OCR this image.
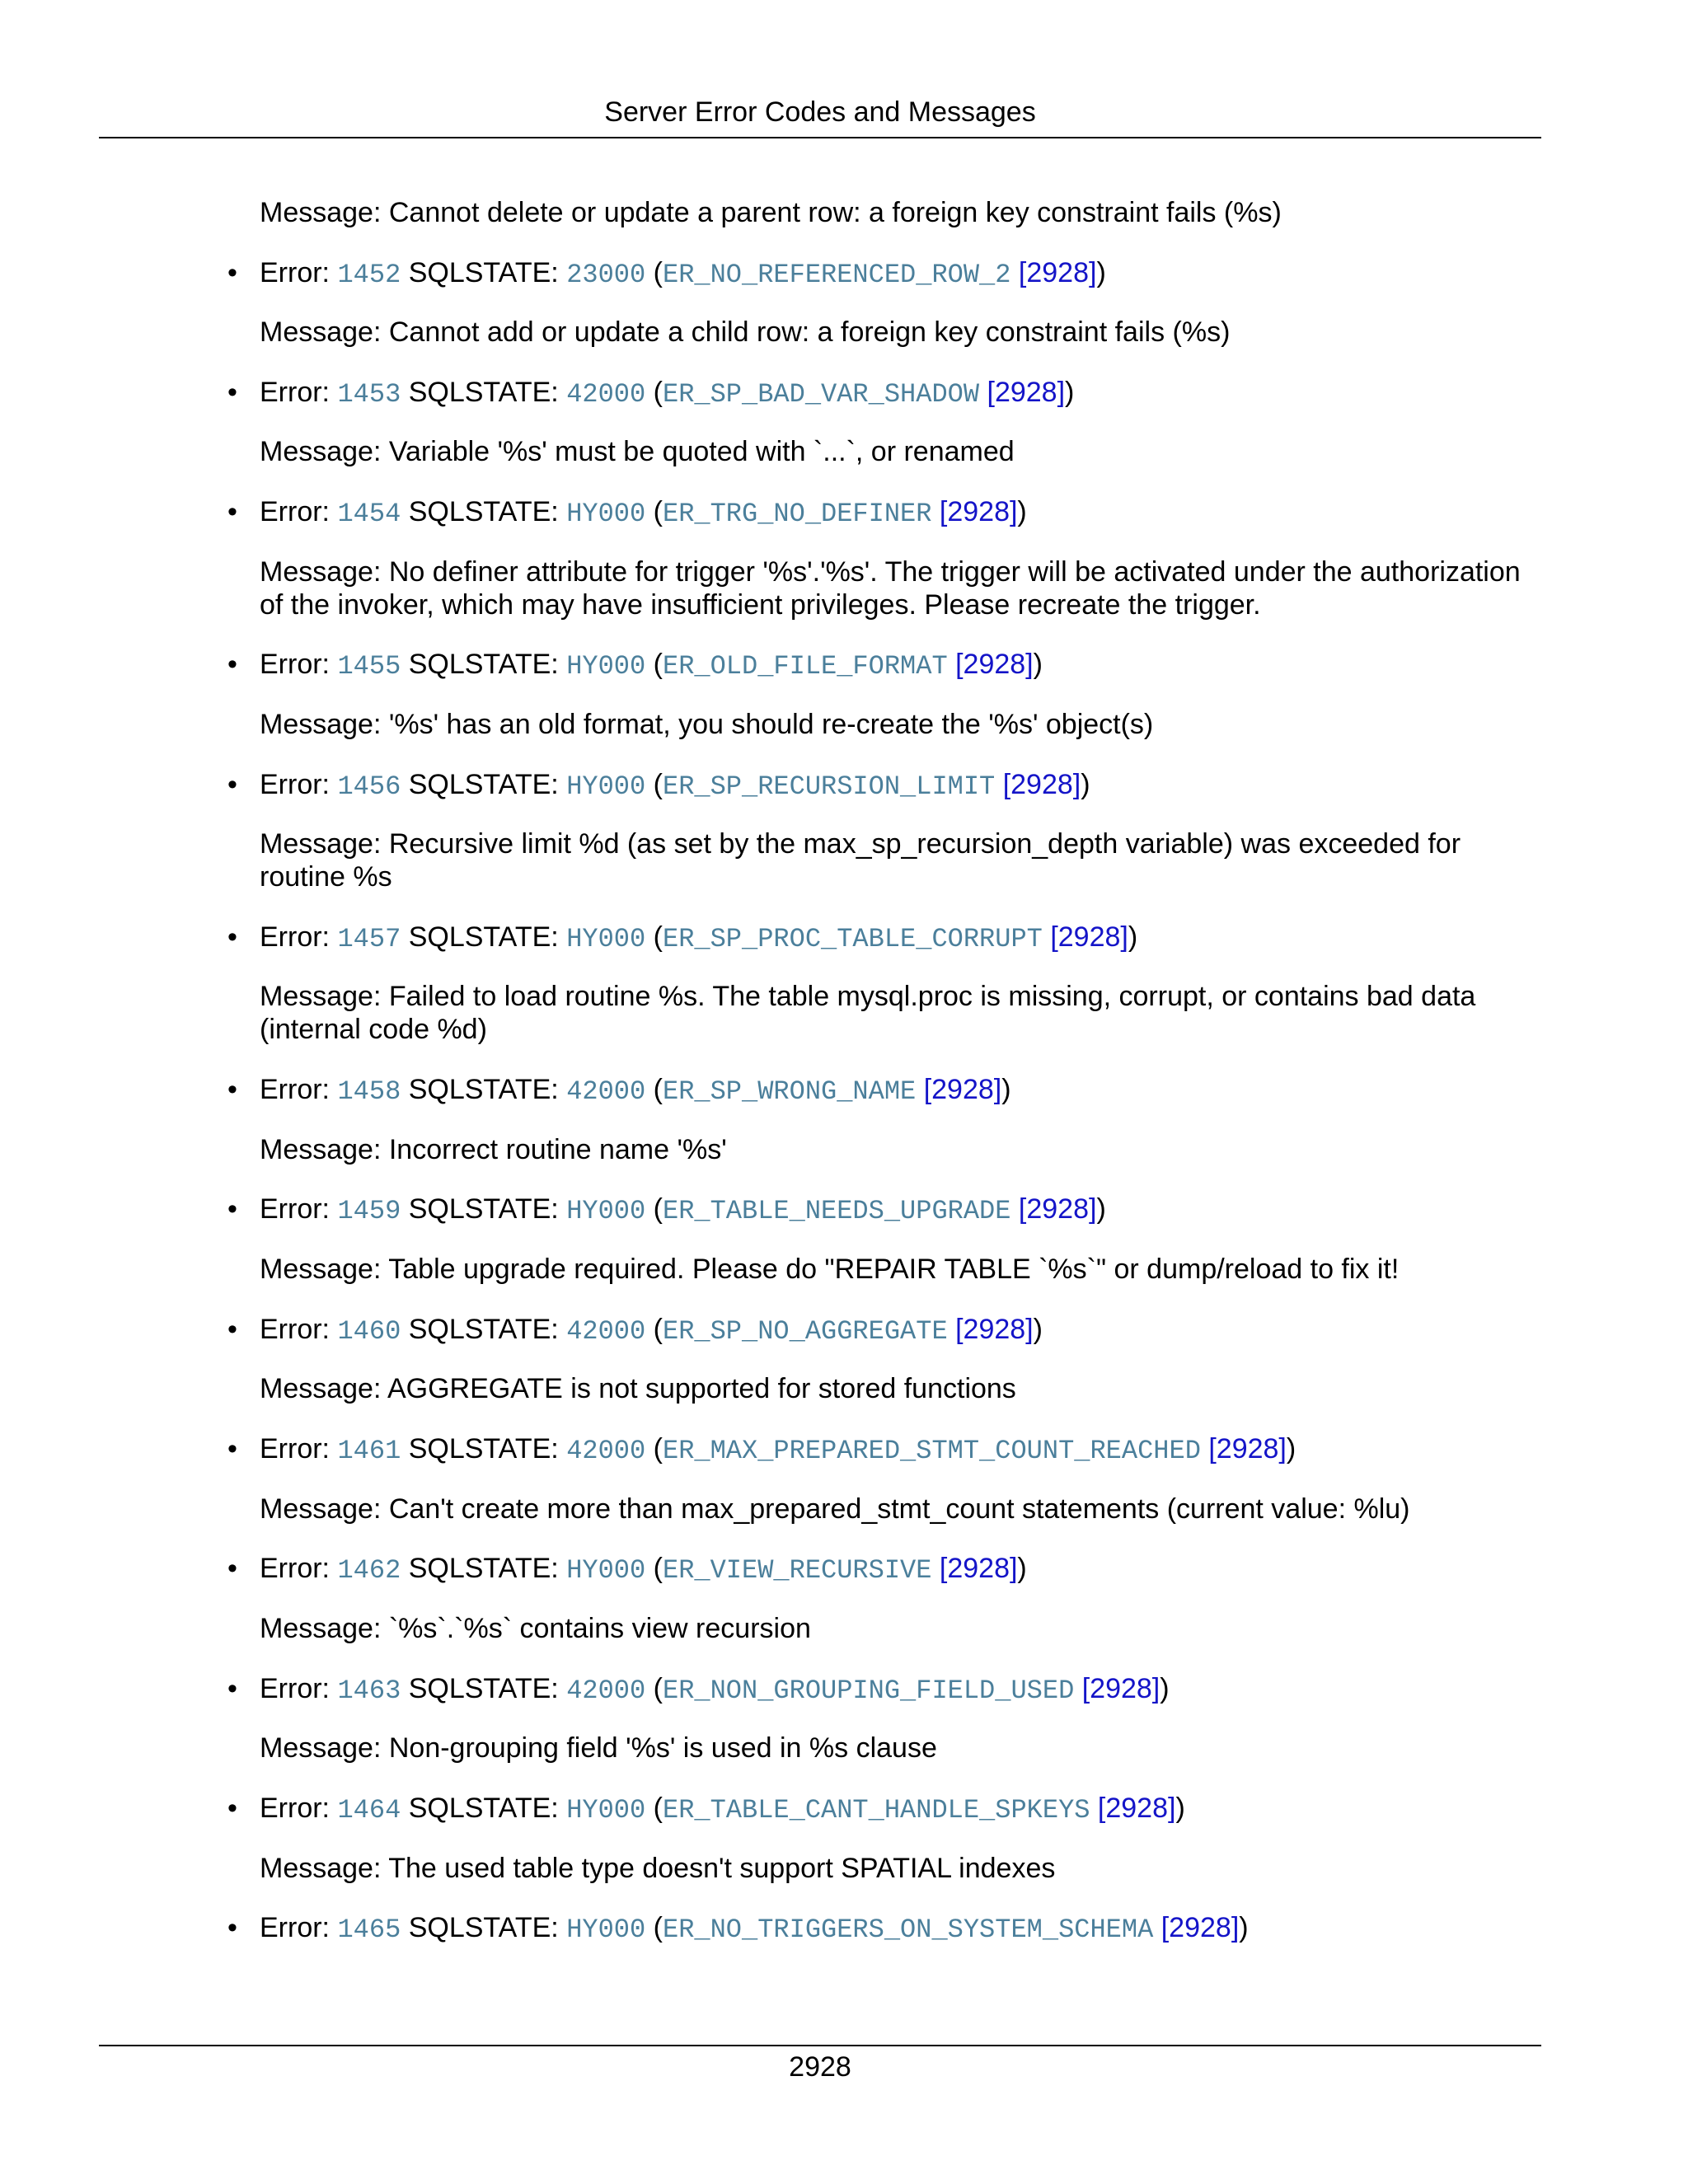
Server Error Codes and Messages
Message: Cannot delete or update a parent row: a foreign key constraint fails (%s)
• Error: 1452 SQLSTATE: 23000 (ER_NO_REFERENCED_ROW_2 [2928])
Message: Cannot add or update a child row: a foreign key constraint fails (%s)
• Error: 1453 SQLSTATE: 42000 (ER_SP_BAD_VAR_SHADOW [2928])
Message: Variable '%s' must be quoted with `...`, or renamed
• Error: 1454 SQLSTATE: HY000 (ER_TRG_NO_DEFINER [2928])
Message: No definer attribute for trigger '%s'.'%s'. The trigger will be activated under the authorization of the invoker, which may have insufficient privileges. Please recreate the trigger.
• Error: 1455 SQLSTATE: HY000 (ER_OLD_FILE_FORMAT [2928])
Message: '%s' has an old format, you should re-create the '%s' object(s)
• Error: 1456 SQLSTATE: HY000 (ER_SP_RECURSION_LIMIT [2928])
Message: Recursive limit %d (as set by the max_sp_recursion_depth variable) was exceeded for routine %s
• Error: 1457 SQLSTATE: HY000 (ER_SP_PROC_TABLE_CORRUPT [2928])
Message: Failed to load routine %s. The table mysql.proc is missing, corrupt, or contains bad data (internal code %d)
• Error: 1458 SQLSTATE: 42000 (ER_SP_WRONG_NAME [2928])
Message: Incorrect routine name '%s'
• Error: 1459 SQLSTATE: HY000 (ER_TABLE_NEEDS_UPGRADE [2928])
Message: Table upgrade required. Please do "REPAIR TABLE `%s`" or dump/reload to fix it!
• Error: 1460 SQLSTATE: 42000 (ER_SP_NO_AGGREGATE [2928])
Message: AGGREGATE is not supported for stored functions
• Error: 1461 SQLSTATE: 42000 (ER_MAX_PREPARED_STMT_COUNT_REACHED [2928])
Message: Can't create more than max_prepared_stmt_count statements (current value: %lu)
• Error: 1462 SQLSTATE: HY000 (ER_VIEW_RECURSIVE [2928])
Message: `%s`.`%s` contains view recursion
• Error: 1463 SQLSTATE: 42000 (ER_NON_GROUPING_FIELD_USED [2928])
Message: Non-grouping field '%s' is used in %s clause
• Error: 1464 SQLSTATE: HY000 (ER_TABLE_CANT_HANDLE_SPKEYS [2928])
Message: The used table type doesn't support SPATIAL indexes
• Error: 1465 SQLSTATE: HY000 (ER_NO_TRIGGERS_ON_SYSTEM_SCHEMA [2928])
2928
